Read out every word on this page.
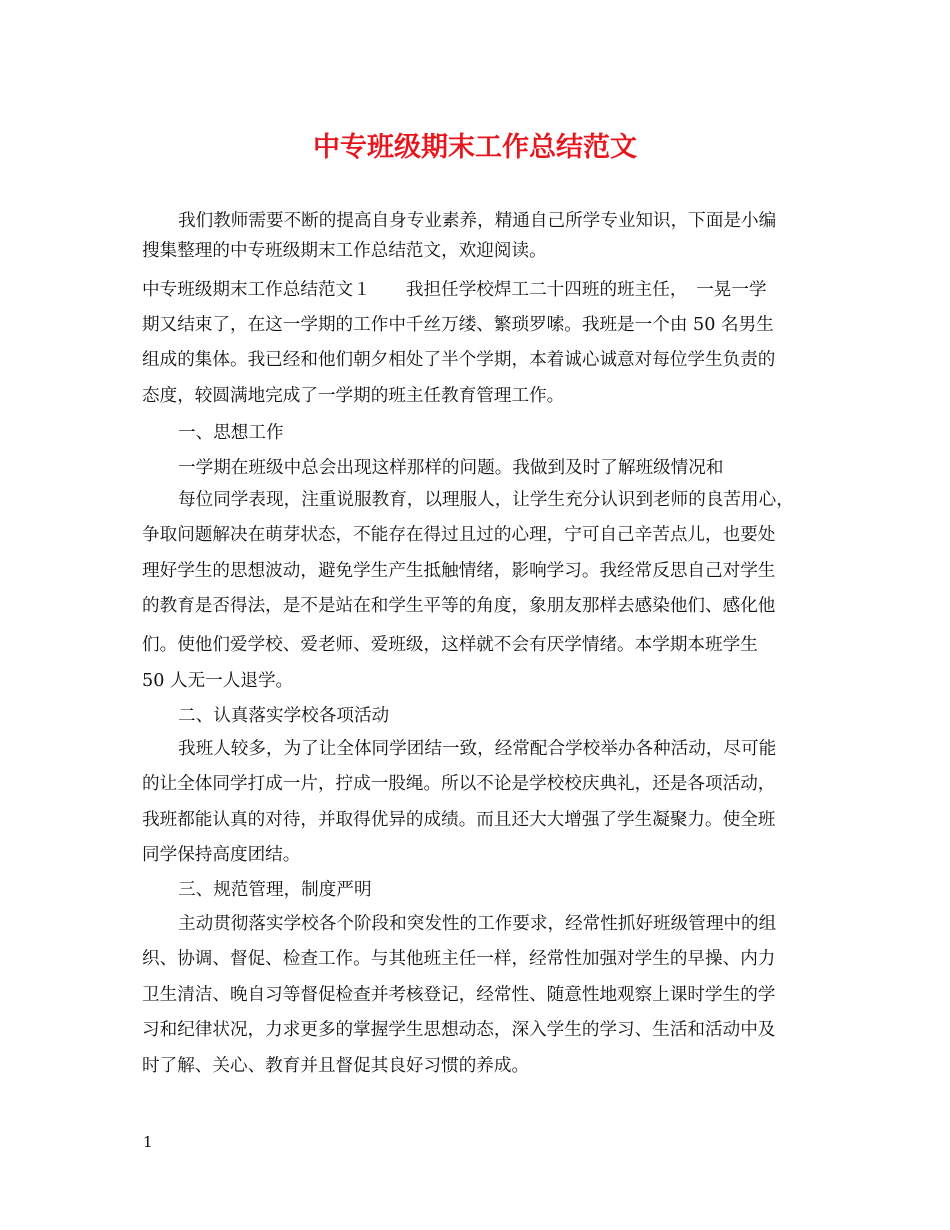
中专班级期末工作总结范文

我们教师需要不断的提高自身专业素养，精通自己所学专业知识，下面是小编

搜集整理的中专班级期末工作总结范文，欢迎阅读。

中专班级期末工作总结范文１　　我担任学校焊工二十四班的班主任，　一晃一学

期又结束了，在这一学期的工作中千丝万缕、繁琐罗嗦。我班是一个由 50 名男生

组成的集体。我已经和他们朝夕相处了半个学期，本着诚心诚意对每位学生负责的

态度，较圆满地完成了一学期的班主任教育管理工作。

一、思想工作

一学期在班级中总会出现这样那样的问题。我做到及时了解班级情况和

每位同学表现，注重说服教育，以理服人，让学生充分认识到老师的良苦用心，

争取问题解决在萌芽状态，不能存在得过且过的心理，宁可自己辛苦点儿，也要处

理好学生的思想波动，避免学生产生抵触情绪，影响学习。我经常反思自己对学生

的教育是否得法，是不是站在和学生平等的角度，象朋友那样去感染他们、感化他

们。使他们爱学校、爱老师、爱班级，这样就不会有厌学情绪。本学期本班学生

50 人无一人退学。

二、认真落实学校各项活动

我班人较多，为了让全体同学团结一致，经常配合学校举办各种活动，尽可能

的让全体同学打成一片，拧成一股绳。所以不论是学校校庆典礼，还是各项活动，

我班都能认真的对待，并取得优异的成绩。而且还大大增强了学生凝聚力。使全班

同学保持高度团结。

三、规范管理，制度严明

主动贯彻落实学校各个阶段和突发性的工作要求，经常性抓好班级管理中的组

织、协调、督促、检查工作。与其他班主任一样，经常性加强对学生的早操、内力

卫生清洁、晚自习等督促检查并考核登记，经常性、随意性地观察上课时学生的学

习和纪律状况，力求更多的掌握学生思想动态，深入学生的学习、生活和活动中及

时了解、关心、教育并且督促其良好习惯的养成。

1
